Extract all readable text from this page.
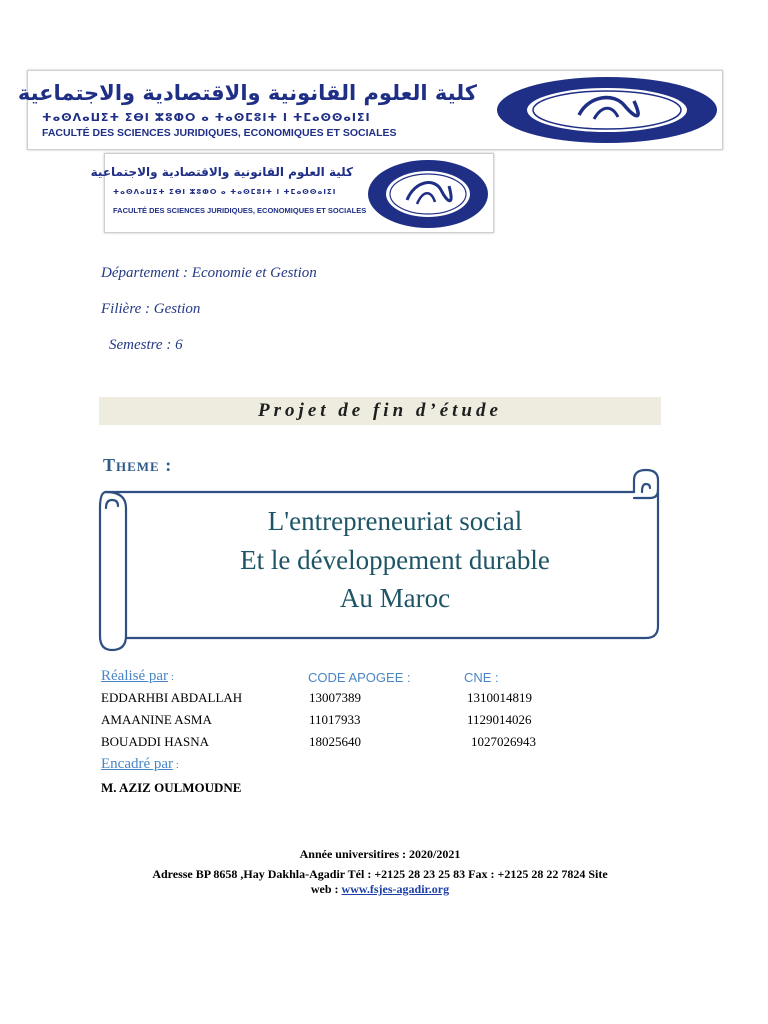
كلية العلوم القانونية والاقتصادية والاجتماعية
ⵜⴰⵙⴷⴰⵡⵉⵜ ⵉⴱⵏ ⵣⵓⵀⵔ ⴰ ⵜⴰⵙⵎⵓⵏⵜ ⵏ ⵜⵎⴰⵙⵙⴰⵏⵉⵏ
FACULTÉ DES SCIENCES JURIDIQUES, ECONOMIQUES ET SOCIALES
كلية العلوم القانونية والاقتصادية والاجتماعية
ⵜⴰⵙⴷⴰⵡⵉⵜ ⵉⴱⵏ ⵣⵓⵀⵔ ⴰ ⵜⴰⵙⵎⵓⵏⵜ ⵏ ⵜⵎⴰⵙⵙⴰⵏⵉⵏ
FACULTÉ DES SCIENCES JURIDIQUES, ECONOMIQUES ET SOCIALES
Département : Economie et Gestion
Filière : Gestion
Semestre : 6
Projet de fin d’étude
Theme :
L'entrepreneuriat social
Et le développement durable
Au Maroc
Réalisé par :	CODE APOGEE :	CNE :
EDDARHBI ABDALLAH	13007389	1310014819
AMAANINE ASMA	11017933	1129014026
BOUADDI HASNA	18025640	1027026943
Encadré par :
M. AZIZ OULMOUDNE
Année universitires : 2020/2021
Adresse BP 8658 ,Hay Dakhla-Agadir Tél : +2125 28 23 25 83 Fax : +2125 28 22 7824 Site
web : www.fsjes-agadir.org
